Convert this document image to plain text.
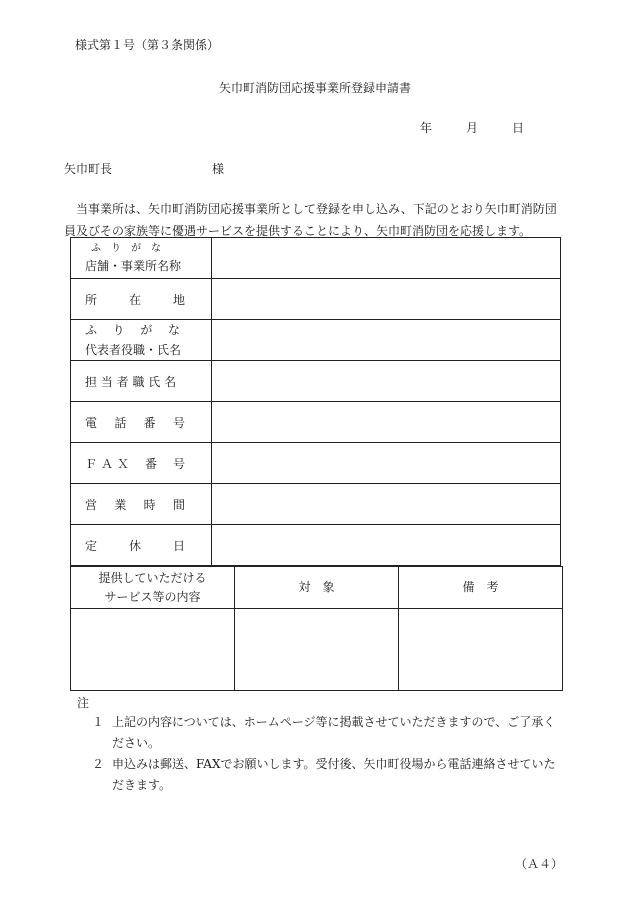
様式第１号（第３条関係）
矢巾町消防団応援事業所登録申請書
年	月	日
矢巾町長	様
当事業所は、矢巾町消防団応援事業所として登録を申し込み、下記のとおり矢巾町消防団員及びその家族等に優遇サービスを提供することにより、矢巾町消防団を応援します。
ふりがな
店舗・事業所名称	

所 在 地	

ふ り が な
代表者役職・氏名	

担 当 者 職 氏 名	

電 話 番 号	

Ｆ Ａ Ｘ 番 号	

営 業 時 間	

定 休 日	

提供していただける
サービス等の内容	対　象	備　考

注
１ 上記の内容については、ホームページ等に掲載させていただきますので、ご了承ください。
２ 申込みは郵送、FAXでお願いします。受付後、矢巾町役場から電話連絡させていただきます。
（Ａ４）
